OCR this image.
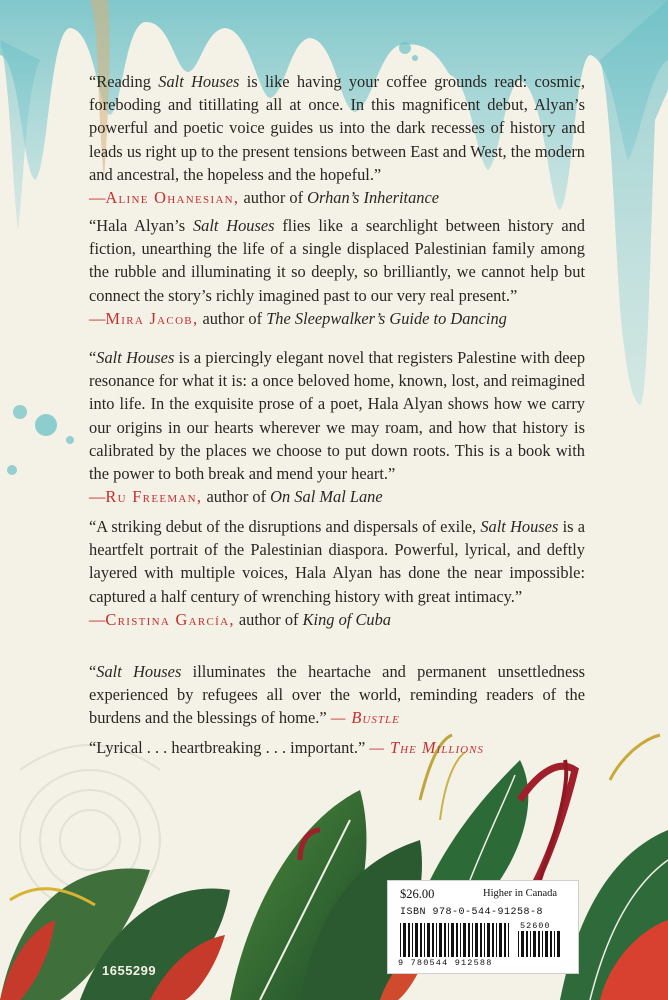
“Reading Salt Houses is like having your coffee grounds read: cosmic, foreboding and titillating all at once. In this magnificent debut, Alyan’s powerful and poetic voice guides us into the dark recesses of history and leads us right up to the present tensions between East and West, the modern and ancestral, the hopeless and the hopeful.”

—Aline Ohanesian, author of Orhan’s Inheritance

“Hala Alyan’s Salt Houses flies like a searchlight between history and fiction, unearthing the life of a single displaced Palestinian family among the rubble and illuminating it so deeply, so brilliantly, we cannot help but connect the story’s richly imagined past to our very real present.”

—Mira Jacob, author of The Sleepwalker’s Guide to Dancing

“Salt Houses is a piercingly elegant novel that registers Palestine with deep resonance for what it is: a once beloved home, known, lost, and reimagined into life. In the exquisite prose of a poet, Hala Alyan shows how we carry our origins in our hearts wherever we may roam, and how that history is calibrated by the places we choose to put down roots. This is a book with the power to both break and mend your heart.”

—Ru Freeman, author of On Sal Mal Lane

“A striking debut of the disruptions and dispersals of exile, Salt Houses is a heartfelt portrait of the Palestinian diaspora. Powerful, lyrical, and deftly layered with multiple voices, Hala Alyan has done the near impossible: captured a half century of wrenching history with great intimacy.”

—Cristina García, author of King of Cuba

“Salt Houses illuminates the heartache and permanent unsettledness experienced by refugees all over the world, reminding readers of the burdens and the blessings of home.” — Bustle

“Lyrical . . . heartbreaking . . . important.” — The Millions
$26.00	Higher in Canada
ISBN 978-0-544-91258-8
52600
9 780544 912588
1655299
